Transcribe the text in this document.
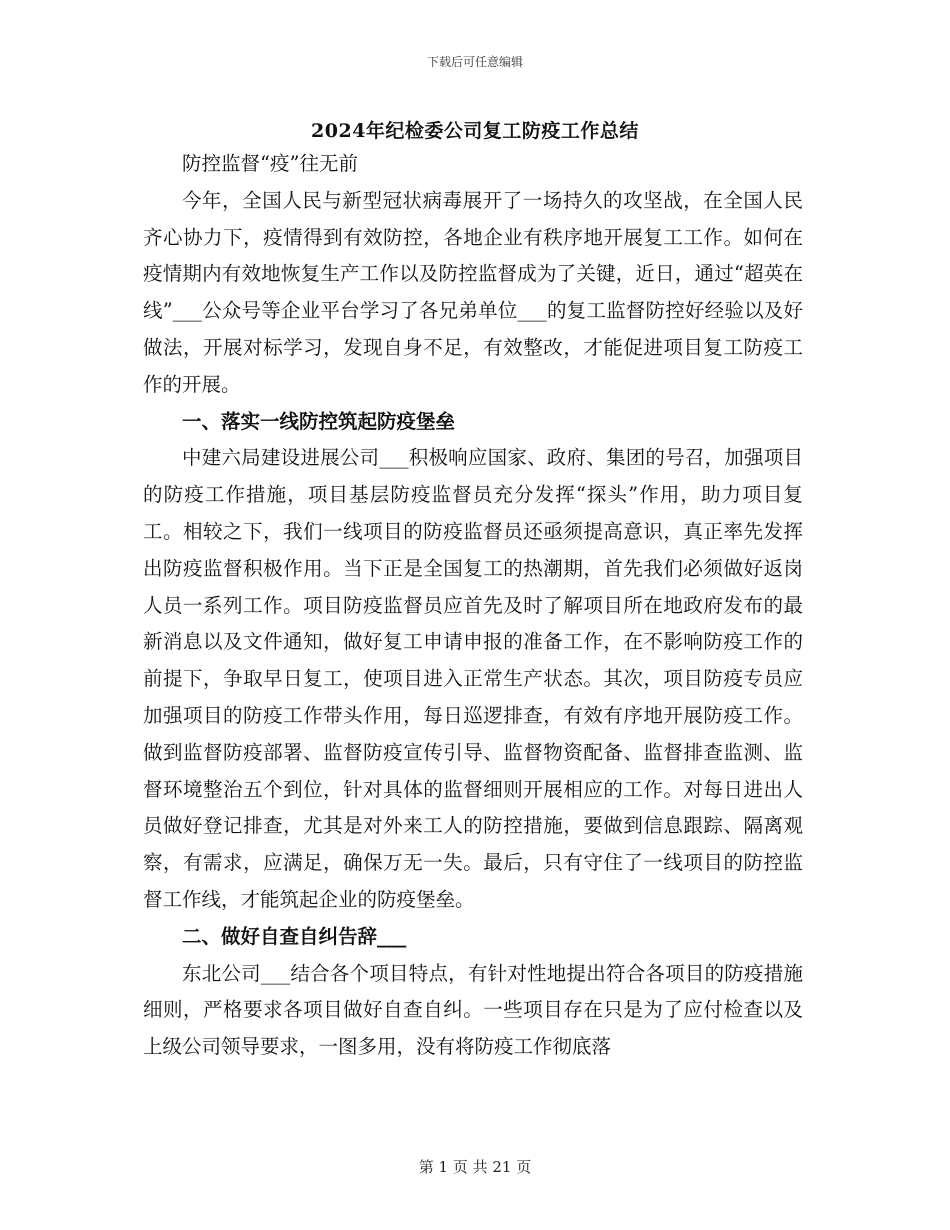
下载后可任意编辑
2024年纪检委公司复工防疫工作总结

防控监督“疫”往无前

今年，全国人民与新型冠状病毒展开了一场持久的攻坚战，在全国人民齐心协力下，疫情得到有效防控，各地企业有秩序地开展复工工作。如何在疫情期内有效地恢复生产工作以及防控监督成为了关键，近日，通过“超英在线”___公众号等企业平台学习了各兄弟单位___的复工监督防控好经验以及好做法，开展对标学习，发现自身不足，有效整改，才能促进项目复工防疫工作的开展。

一、落实一线防控筑起防疫堡垒

中建六局建设进展公司___积极响应国家、政府、集团的号召，加强项目的防疫工作措施，项目基层防疫监督员充分发挥“探头”作用，助力项目复工。相较之下，我们一线项目的防疫监督员还亟须提高意识，真正率先发挥出防疫监督积极作用。当下正是全国复工的热潮期，首先我们必须做好返岗人员一系列工作。项目防疫监督员应首先及时了解项目所在地政府发布的最新消息以及文件通知，做好复工申请申报的准备工作，在不影响防疫工作的前提下，争取早日复工，使项目进入正常生产状态。其次，项目防疫专员应加强项目的防疫工作带头作用，每日巡逻排查，有效有序地开展防疫工作。做到监督防疫部署、监督防疫宣传引导、监督物资配备、监督排查监测、监督环境整治五个到位，针对具体的监督细则开展相应的工作。对每日进出人员做好登记排查，尤其是对外来工人的防控措施，要做到信息跟踪、隔离观察，有需求，应满足，确保万无一失。最后，只有守住了一线项目的防控监督工作线，才能筑起企业的防疫堡垒。

二、做好自查自纠告辞___

东北公司___结合各个项目特点，有针对性地提出符合各项目的防疫措施细则，严格要求各项目做好自查自纠。一些项目存在只是为了应付检查以及上级公司领导要求，一图多用，没有将防疫工作彻底落

第 1 页 共 21 页
